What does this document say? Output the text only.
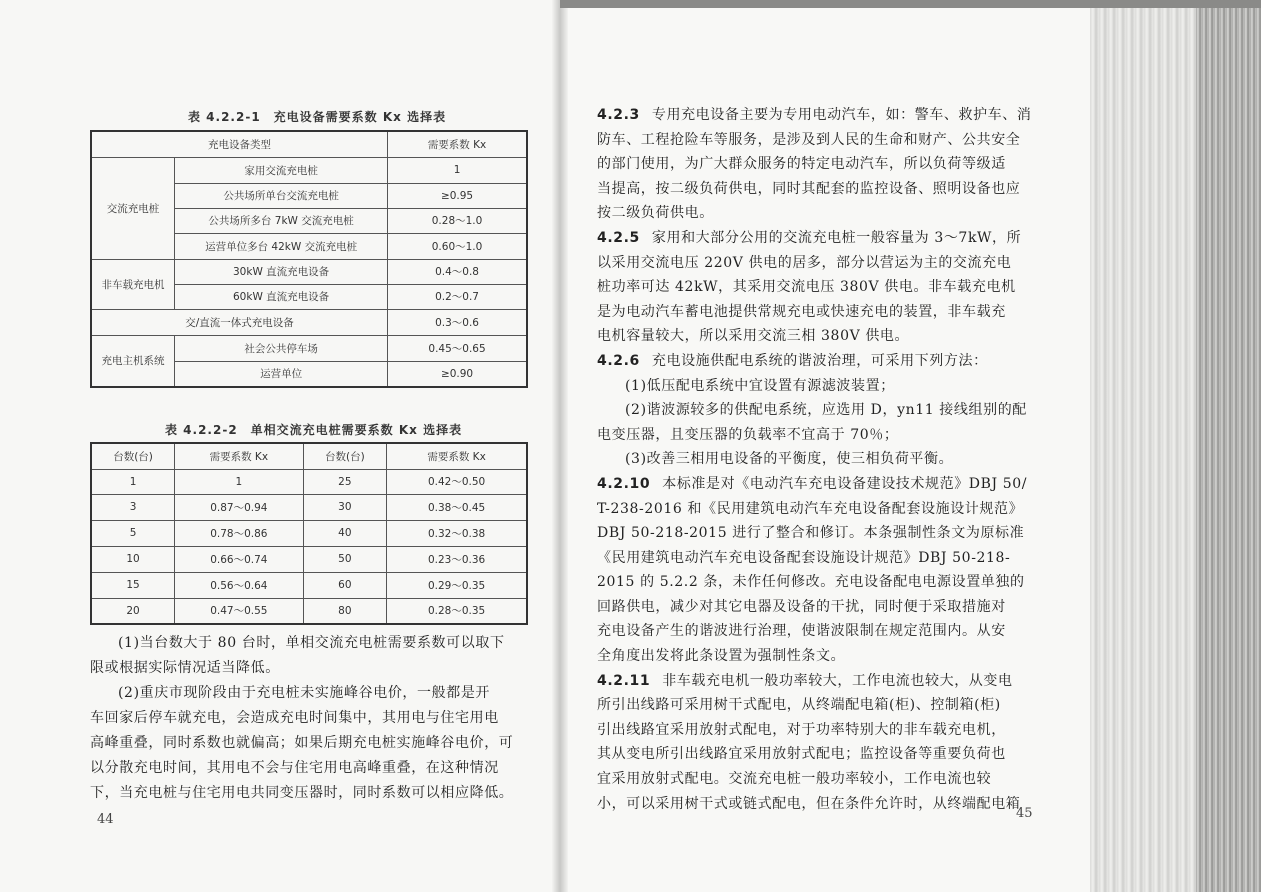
表 4.2.2-1　充电设备需要系数 Kx 选择表
充电设备类型		需要系数 Kx
交流充电桩	家用交流充电桩	1
	公共场所单台交流充电桩	≥0.95
	公共场所多台 7kW 交流充电桩	0.28～1.0
	运营单位多台 42kW 交流充电桩	0.60～1.0
非车载充电机	30kW 直流充电设备	0.4～0.8
	60kW 直流充电设备	0.2～0.7
交/直流一体式充电设备		0.3～0.6
充电主机系统	社会公共停车场	0.45～0.65
	运营单位	≥0.90
表 4.2.2-2　单相交流充电桩需要系数 Kx 选择表
台数(台)	需要系数 Kx	台数(台)	需要系数 Kx
1	1	25	0.42～0.50
3	0.87～0.94	30	0.38～0.45
5	0.78～0.86	40	0.32～0.38
10	0.66～0.74	50	0.23～0.36
15	0.56～0.64	60	0.29～0.35
20	0.47～0.55	80	0.28～0.35
(1)当台数大于 80 台时，单相交流充电桩需要系数可以取下
限或根据实际情况适当降低。
(2)重庆市现阶段由于充电桩未实施峰谷电价，一般都是开
车回家后停车就充电，会造成充电时间集中，其用电与住宅用电
高峰重叠，同时系数也就偏高；如果后期充电桩实施峰谷电价，可
以分散充电时间，其用电不会与住宅用电高峰重叠，在这种情况
下，当充电桩与住宅用电共同变压器时，同时系数可以相应降低。
44
4.2.3 专用充电设备主要为专用电动汽车，如：警车、救护车、消
防车、工程抢险车等服务，是涉及到人民的生命和财产、公共安全
的部门使用，为广大群众服务的特定电动汽车，所以负荷等级适
当提高，按二级负荷供电，同时其配套的监控设备、照明设备也应
按二级负荷供电。
4.2.5 家用和大部分公用的交流充电桩一般容量为 3～7kW，所
以采用交流电压 220V 供电的居多，部分以营运为主的交流充电
桩功率可达 42kW，其采用交流电压 380V 供电。非车载充电机
是为电动汽车蓄电池提供常规充电或快速充电的装置，非车载充
电机容量较大，所以采用交流三相 380V 供电。
4.2.6 充电设施供配电系统的谐波治理，可采用下列方法：
(1)低压配电系统中宜设置有源滤波装置；
(2)谐波源较多的供配电系统，应选用 D，yn11 接线组别的配
电变压器，且变压器的负载率不宜高于 70％；
(3)改善三相用电设备的平衡度，使三相负荷平衡。
4.2.10 本标准是对《电动汽车充电设备建设技术规范》DBJ 50/
T-238-2016 和《民用建筑电动汽车充电设备配套设施设计规范》
DBJ 50-218-2015 进行了整合和修订。本条强制性条文为原标准
《民用建筑电动汽车充电设备配套设施设计规范》DBJ 50-218-
2015 的 5.2.2 条，未作任何修改。充电设备配电电源设置单独的
回路供电，减少对其它电器及设备的干扰，同时便于采取措施对
充电设备产生的谐波进行治理，使谐波限制在规定范围内。从安
全角度出发将此条设置为强制性条文。
4.2.11 非车载充电机一般功率较大，工作电流也较大，从变电
所引出线路可采用树干式配电，从终端配电箱(柜)、控制箱(柜)
引出线路宜采用放射式配电，对于功率特别大的非车载充电机，
其从变电所引出线路宜采用放射式配电；监控设备等重要负荷也
宜采用放射式配电。交流充电桩一般功率较小，工作电流也较
小，可以采用树干式或链式配电，但在条件允许时，从终端配电箱
45
